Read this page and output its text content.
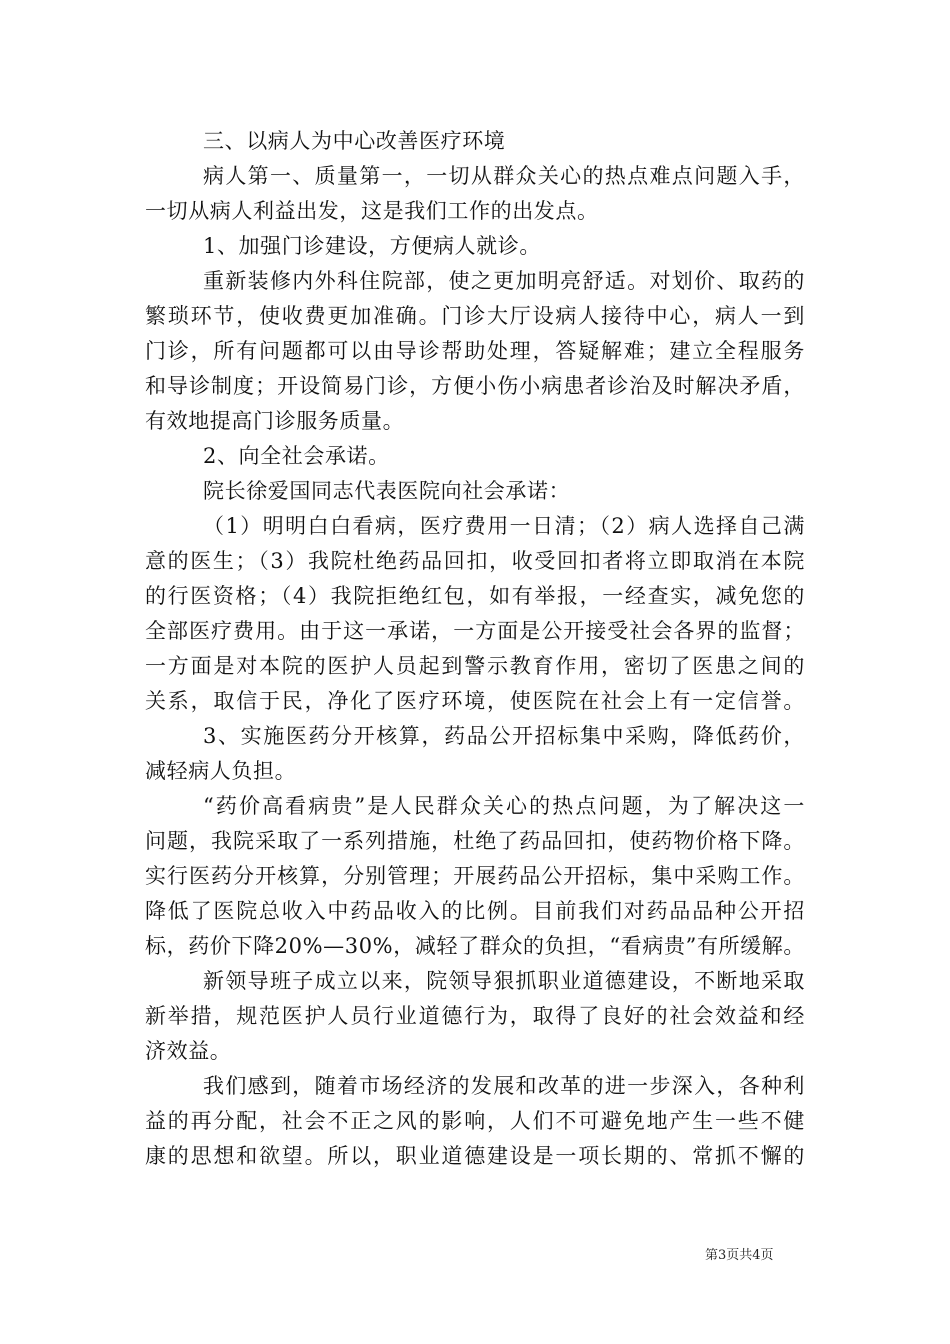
三、以病人为中心改善医疗环境
病人第一、质量第一，一切从群众关心的热点难点问题入手，
一切从病人利益出发，这是我们工作的出发点。
1、加强门诊建设，方便病人就诊。
重新装修内外科住院部，使之更加明亮舒适。对划价、取药的
繁琐环节，使收费更加准确。门诊大厅设病人接待中心，病人一到
门诊，所有问题都可以由导诊帮助处理，答疑解难；建立全程服务
和导诊制度；开设简易门诊，方便小伤小病患者诊治及时解决矛盾，
有效地提高门诊服务质量。
2、向全社会承诺。
院长徐爱国同志代表医院向社会承诺：
（1）明明白白看病，医疗费用一日清；（2）病人选择自己满
意的医生；（3）我院杜绝药品回扣，收受回扣者将立即取消在本院
的行医资格；（4）我院拒绝红包，如有举报，一经查实，减免您的
全部医疗费用。由于这一承诺，一方面是公开接受社会各界的监督；
一方面是对本院的医护人员起到警示教育作用，密切了医患之间的
关系，取信于民，净化了医疗环境，使医院在社会上有一定信誉。
3、实施医药分开核算，药品公开招标集中采购，降低药价，
减轻病人负担。
“药价高看病贵”是人民群众关心的热点问题，为了解决这一
问题，我院采取了一系列措施，杜绝了药品回扣，使药物价格下降。
实行医药分开核算，分别管理；开展药品公开招标，集中采购工作。
降低了医院总收入中药品收入的比例。目前我们对药品品种公开招
标，药价下降20%—30%，减轻了群众的负担，“看病贵”有所缓解。
新领导班子成立以来，院领导狠抓职业道德建设，不断地采取
新举措，规范医护人员行业道德行为，取得了良好的社会效益和经
济效益。
我们感到，随着市场经济的发展和改革的进一步深入，各种利
益的再分配，社会不正之风的影响，人们不可避免地产生一些不健
康的思想和欲望。所以，职业道德建设是一项长期的、常抓不懈的
第3页共4页
